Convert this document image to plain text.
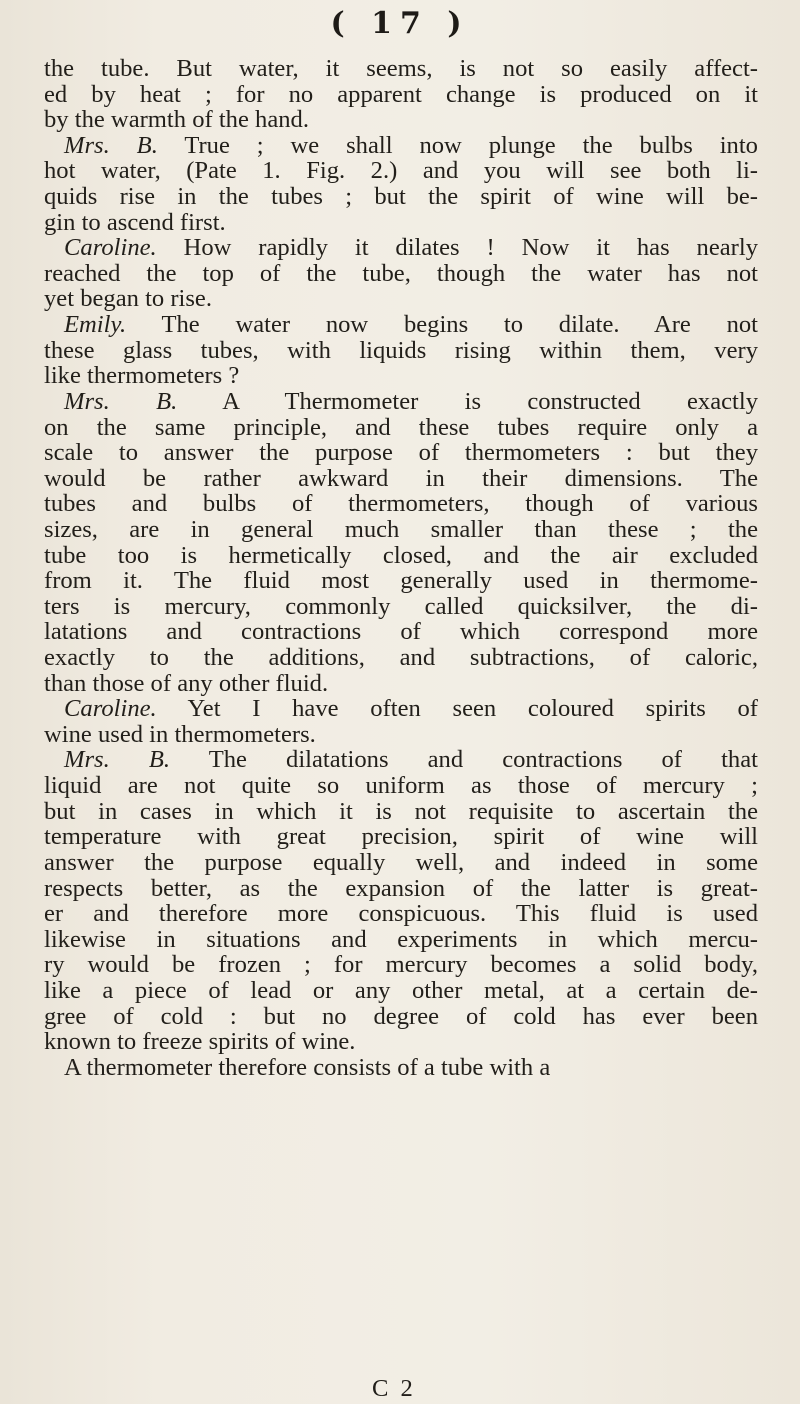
( 17 )
the tube. But water, it seems, is not so easily affect-
ed by heat ; for no apparent change is produced on it
by the warmth of the hand.
Mrs. B. True ; we shall now plunge the bulbs into
hot water, (Pate 1. Fig. 2.) and you will see both li-
quids rise in the tubes ; but the spirit of wine will be-
gin to ascend first.
Caroline. How rapidly it dilates ! Now it has nearly
reached the top of the tube, though the water has not
yet began to rise.
Emily. The water now begins to dilate. Are not
these glass tubes, with liquids rising within them, very
like thermometers ?
Mrs. B. A Thermometer is constructed exactly
on the same principle, and these tubes require only a
scale to answer the purpose of thermometers : but they
would be rather awkward in their dimensions. The
tubes and bulbs of thermometers, though of various
sizes, are in general much smaller than these ; the
tube too is hermetically closed, and the air excluded
from it. The fluid most generally used in thermome-
ters is mercury, commonly called quicksilver, the di-
latations and contractions of which correspond more
exactly to the additions, and subtractions, of caloric,
than those of any other fluid.
Caroline. Yet I have often seen coloured spirits of
wine used in thermometers.
Mrs. B. The dilatations and contractions of that
liquid are not quite so uniform as those of mercury ;
but in cases in which it is not requisite to ascertain the
temperature with great precision, spirit of wine will
answer the purpose equally well, and indeed in some
respects better, as the expansion of the latter is great-
er and therefore more conspicuous. This fluid is used
likewise in situations and experiments in which mercu-
ry would be frozen ; for mercury becomes a solid body,
like a piece of lead or any other metal, at a certain de-
gree of cold : but no degree of cold has ever been
known to freeze spirits of wine.
A thermometer therefore consists of a tube with a
C 2
